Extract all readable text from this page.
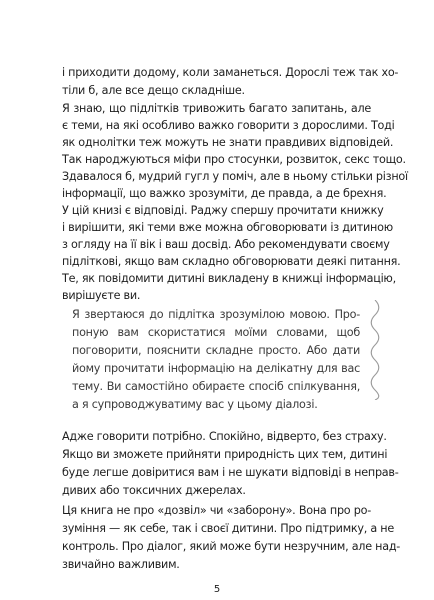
і приходити додому, коли заманеться. Дорослі теж так хо-
тіли б, але все дещо складніше.
Я знаю, що підлітків тривожить багато запитань, але
є теми, на які особливо важко говорити з дорослими. Тоді
як однолітки теж можуть не знати правдивих відповідей.
Так народжуються міфи про стосунки, розвиток, секс тощо.
Здавалося б, мудрий гугл у поміч, але в ньому стільки різної
інформації, що важко зрозуміти, де правда, а де брехня.
У цій книзі є відповіді. Раджу спершу прочитати книжку
і вирішити, які теми вже можна обговорювати із дитиною
з огляду на її вік і ваш досвід. Або рекомендувати своєму
підліткові, якщо вам складно обговорювати деякі питання.
Те, як повідомити дитині викладену в книжці інформацію,
вирішуєте ви.
Я звертаюся до підлітка зрозумілою мовою. Про-
поную вам скористатися моїми словами, щоб
поговорити, пояснити складне просто. Або дати
йому прочитати інформацію на делікатну для вас
тему. Ви самостійно обираєте спосіб спілкування,
а я супроводжуватиму вас у цьому діалозі.
Адже говорити потрібно. Спокійно, відверто, без страху.
Якщо ви зможете прийняти природність цих тем, дитині
буде легше довіритися вам і не шукати відповіді в неправ-
дивих або токсичних джерелах.
Ця книга не про «дозвіл» чи «заборону». Вона про ро-
зуміння — як себе, так і своєї дитини. Про підтримку, а не
контроль. Про діалог, який може бути незручним, але над-
звичайно важливим.
5
